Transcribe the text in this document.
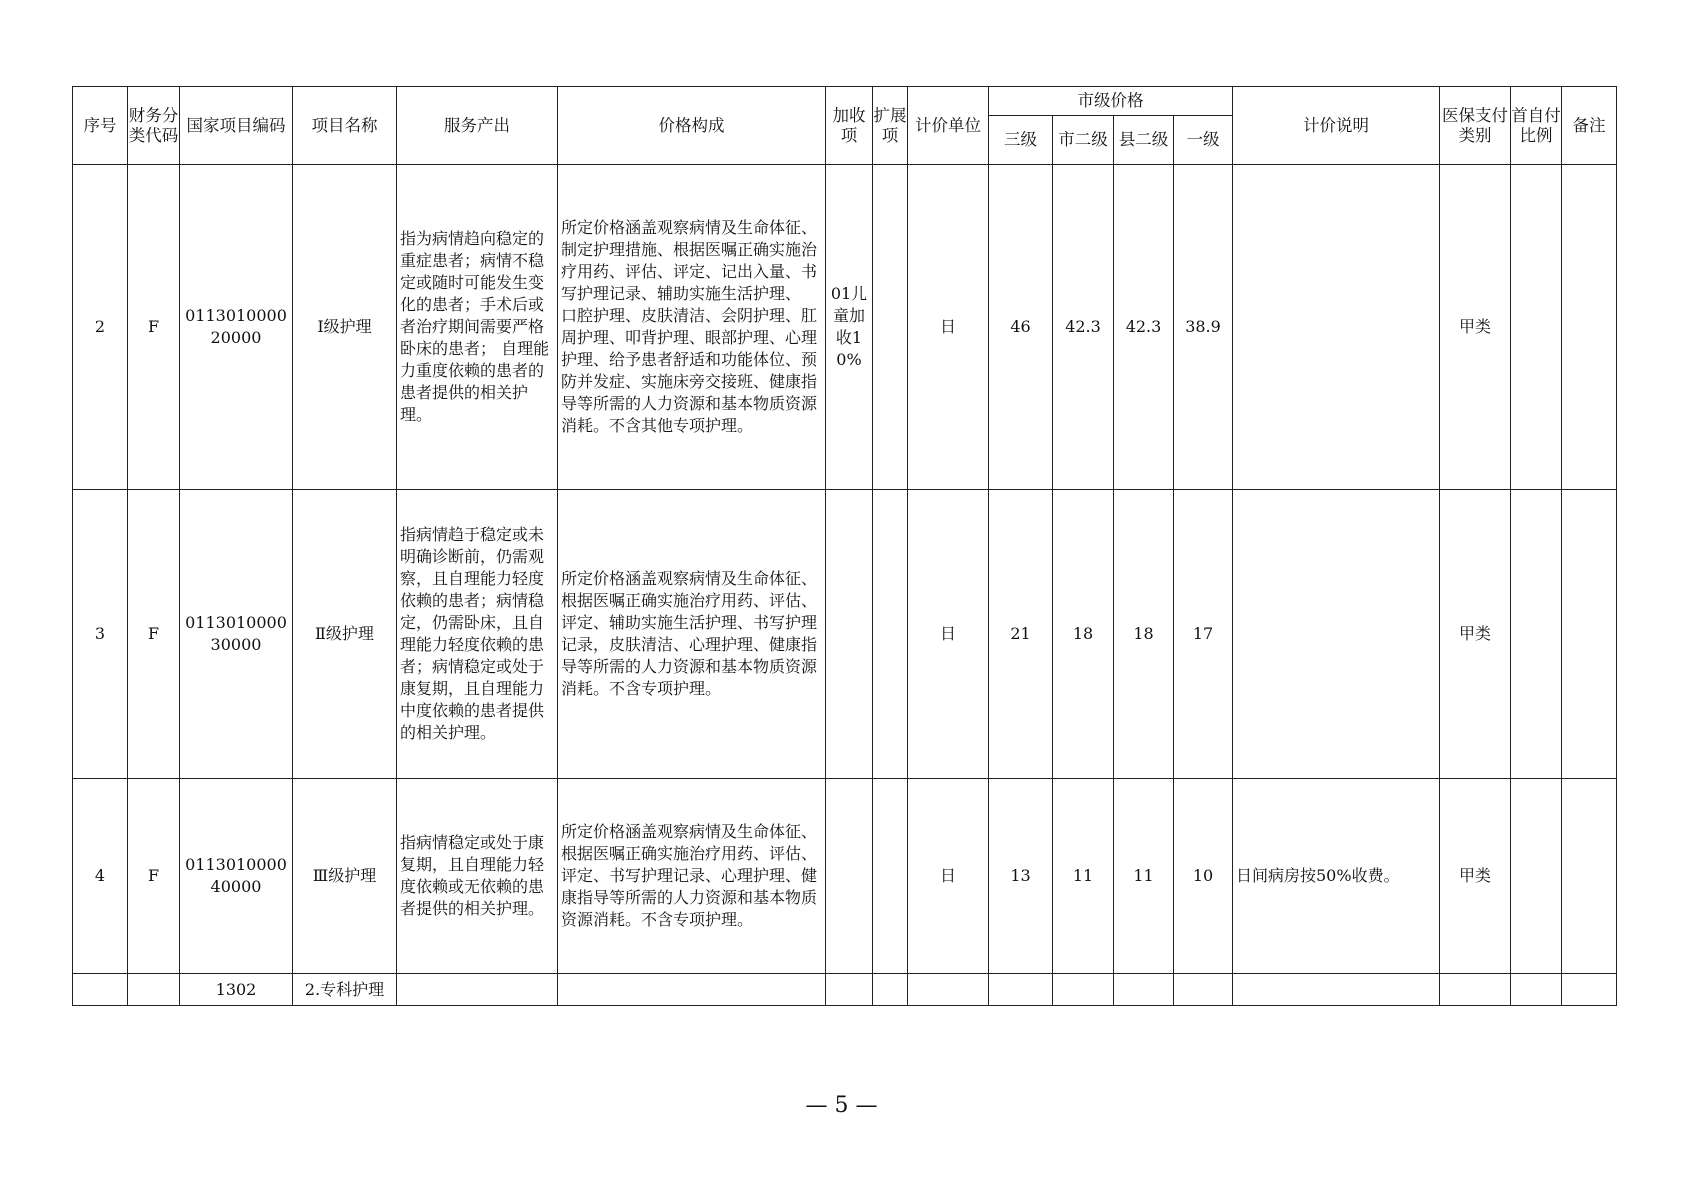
序号	财务分类代码	国家项目编码	项目名称	服务产出	价格构成	加收项	扩展项	计价单位	市级价格				计价说明	医保支付类别	首自付比例	备注
									三级	市二级	县二级	一级				
2	F	011301000020000	Ⅰ级护理	指为病情趋向稳定的重症患者；病情不稳定或随时可能发生变化的患者；手术后或者治疗期间需要严格卧床的患者； 自理能力重度依赖的患者的患者提供的相关护理。	所定价格涵盖观察病情及生命体征、制定护理措施、根据医嘱正确实施治疗用药、评估、评定、记出入量、书写护理记录、辅助实施生活护理、 口腔护理、皮肤清洁、会阴护理、肛周护理、叩背护理、眼部护理、心理护理、给予患者舒适和功能体位、预防并发症、实施床旁交接班、健康指导等所需的人力资源和基本物质资源消耗。不含其他专项护理。	01儿童加收10%		日	46	42.3	42.3	38.9		甲类		
3	F	011301000030000	Ⅱ级护理	指病情趋于稳定或未明确诊断前，仍需观察，且自理能力轻度依赖的患者；病情稳定，仍需卧床，且自理能力轻度依赖的患者；病情稳定或处于康复期，且自理能力中度依赖的患者提供的相关护理。	所定价格涵盖观察病情及生命体征、根据医嘱正确实施治疗用药、评估、评定、辅助实施生活护理、书写护理记录，皮肤清洁、心理护理、健康指导等所需的人力资源和基本物质资源消耗。不含专项护理。			日	21	18	18	17		甲类		
4	F	011301000040000	Ⅲ级护理	指病情稳定或处于康复期，且自理能力轻度依赖或无依赖的患者提供的相关护理。	所定价格涵盖观察病情及生命体征、根据医嘱正确实施治疗用药、评估、评定、书写护理记录、心理护理、健康指导等所需的人力资源和基本物质资源消耗。不含专项护理。			日	13	11	11	10	日间病房按50%收费。	甲类		
		1302	2.专科护理													
— 5 —
